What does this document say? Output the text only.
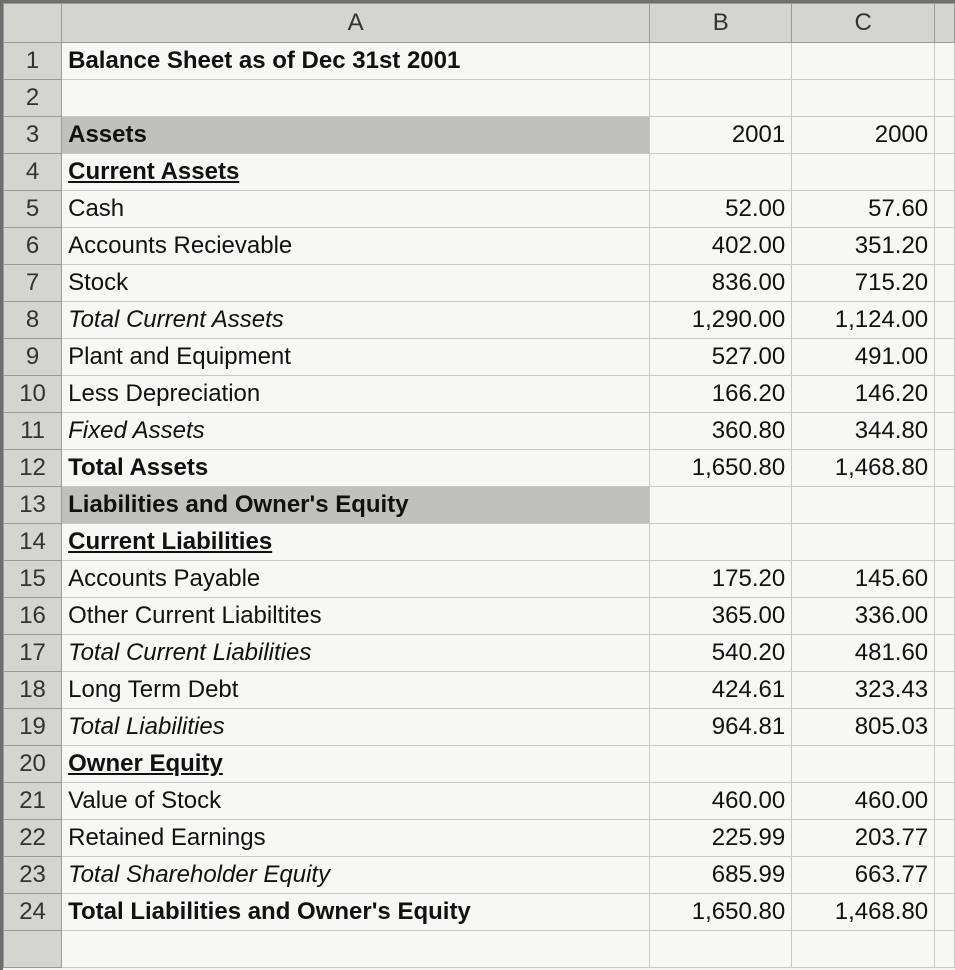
	A	B	C	
1	Balance Sheet as of Dec 31st 2001			
2				
3	Assets	2001	2000	
4	Current Assets			
5	Cash	52.00	57.60	
6	Accounts Recievable	402.00	351.20	
7	Stock	836.00	715.20	
8	Total Current Assets	1,290.00	1,124.00	
9	Plant and Equipment	527.00	491.00	
10	Less Depreciation	166.20	146.20	
11	Fixed Assets	360.80	344.80	
12	Total Assets	1,650.80	1,468.80	
13	Liabilities and Owner's Equity			
14	Current Liabilities			
15	Accounts Payable	175.20	145.60	
16	Other Current Liabiltites	365.00	336.00	
17	Total Current Liabilities	540.20	481.60	
18	Long Term Debt	424.61	323.43	
19	Total Liabilities	964.81	805.03	
20	Owner Equity			
21	Value of Stock	460.00	460.00	
22	Retained Earnings	225.99	203.77	
23	Total Shareholder Equity	685.99	663.77	
24	Total Liabilities and Owner's Equity	1,650.80	1,468.80	
